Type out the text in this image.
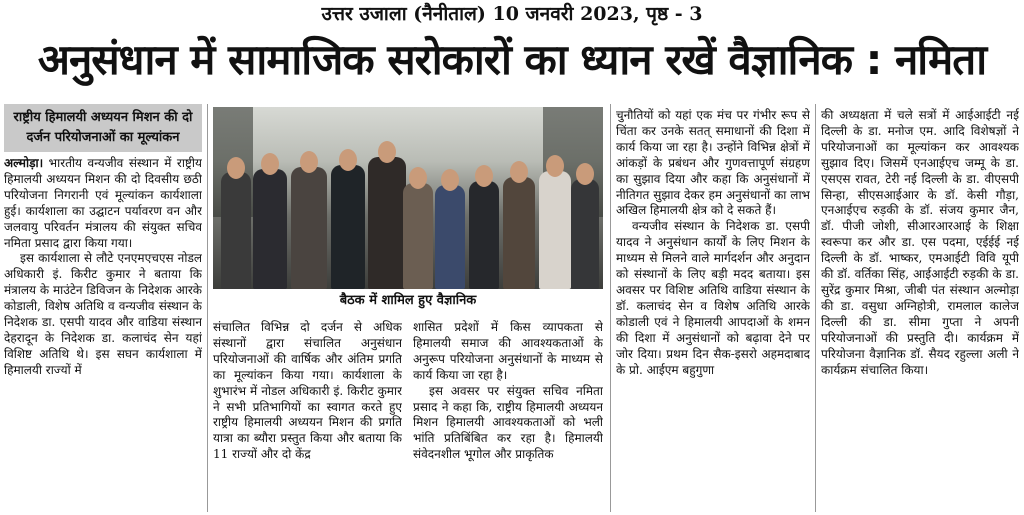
उत्तर उजाला (नैनीताल) 10 जनवरी 2023, पृष्ठ - 3
अनुसंधान में सामाजिक सरोकारों का ध्यान रखें वैज्ञानिक : नमिता
राष्ट्रीय हिमालयी अध्ययन मिशन की दो दर्जन परियोजनाओं का मूल्यांकन

अल्मोड़ा। भारतीय वन्यजीव संस्थान में राष्ट्रीय हिमालयी अध्ययन मिशन की दो दिवसीय छठी परियोजना निगरानी एवं मूल्यांकन कार्यशाला हुई। कार्यशाला का उद्घाटन पर्यावरण वन और जलवायु परिवर्तन मंत्रालय की संयुक्त सचिव नमिता प्रसाद द्वारा किया गया।

इस कार्यशाला से लौटे एनएमएचएस नोडल अधिकारी इं. किरीट कुमार ने बताया कि मंत्रालय के माउंटेन डिविजन के निदेशक आरके कोडाली, विशेष अतिथि व वन्यजीव संस्थान के निदेशक डा. एसपी यादव और वाडिया संस्थान देहरादून के निदेशक डा. कलाचंद सेन यहां विशिष्ट अतिथि थे। इस सघन कार्यशाला में हिमालयी राज्यों में

बैठक में शामिल हुए वैज्ञानिक

संचालित विभिन्न दो दर्जन से अधिक संस्थानों द्वारा संचालित अनुसंधान परियोजनाओं की वार्षिक और अंतिम प्रगति का मूल्यांकन किया गया। कार्यशाला के शुभारंभ में नोडल अधिकारी इं. किरीट कुमार ने सभी प्रतिभागियों का स्वागत करते हुए राष्ट्रीय हिमालयी अध्ययन मिशन की प्रगति यात्रा का ब्यौरा प्रस्तुत किया और बताया कि 11 राज्यों और दो केंद्र

शासित प्रदेशों में किस व्यापकता से हिमालयी समाज की आवश्यकताओं के अनुरूप परियोजना अनुसंधानों के माध्यम से कार्य किया जा रहा है।

इस अवसर पर संयुक्त सचिव नमिता प्रसाद ने कहा कि, राष्ट्रीय हिमालयी अध्ययन मिशन हिमालयी आवश्यकताओं को भली भांति प्रतिबिंबित कर रहा है। हिमालयी संवेदनशील भूगोल और प्राकृतिक

चुनौतियों को यहां एक मंच पर गंभीर रूप से चिंता कर उनके सतत् समाधानों की दिशा में कार्य किया जा रहा है। उन्होंने विभिन्न क्षेत्रों में आंकड़ों के प्रबंधन और गुणवत्तापूर्ण संग्रहण का सुझाव दिया और कहा कि अनुसंधानों में नीतिगत सुझाव देकर हम अनुसंधानों का लाभ अखिल हिमालयी क्षेत्र को दे सकते हैं।

वन्यजीव संस्थान के निदेशक डा. एसपी यादव ने अनुसंधान कार्यों के लिए मिशन के माध्यम से मिलने वाले मार्गदर्शन और अनुदान को संस्थानों के लिए बड़ी मदद बताया। इस अवसर पर विशिष्ट अतिथि वाडिया संस्थान के डॉ. कलाचंद सेन व विशेष अतिथि आरके कोडाली एवं ने हिमालयी आपदाओं के शमन की दिशा में अनुसंधानों को बढ़ावा देने पर जोर दिया। प्रथम दिन सैक-इसरो अहमदाबाद के प्रो. आईएम बहुगुणा

की अध्यक्षता में चले सत्रों में आईआईटी नई दिल्ली के डा. मनोज एम. आदि विशेषज्ञों ने परियोजनाओं का मूल्यांकन कर आवश्यक सुझाव दिए। जिसमें एनआईएच जम्मू के डा. एसएस रावत, टेरी नई दिल्ली के डा. वीएसपी सिन्हा, सीएसआईआर के डॉ. केसी गौड़ा, एनआईएच रुड़की के डॉ. संजय कुमार जैन, डॉ. पीजी जोशी, सीआरआरआई के शिक्षा स्वरूपा कर और डा. एस पदमा, एईईई नई दिल्ली के डॉ. भाष्कर, एमआईटी विवि यूपी की डॉ. वर्तिका सिंह, आईआईटी रुड़की के डा. सुरेंद्र कुमार मिश्रा, जीबी पंत संस्थान अल्मोड़ा की डा. वसुधा अग्निहोत्री, रामलाल कालेज दिल्ली की डा. सीमा गुप्ता ने अपनी परियोजनाओं की प्रस्तुति दी। कार्यक्रम में परियोजना वैज्ञानिक डॉ. सैयद रहुल्ला अली ने कार्यक्रम संचालित किया।
